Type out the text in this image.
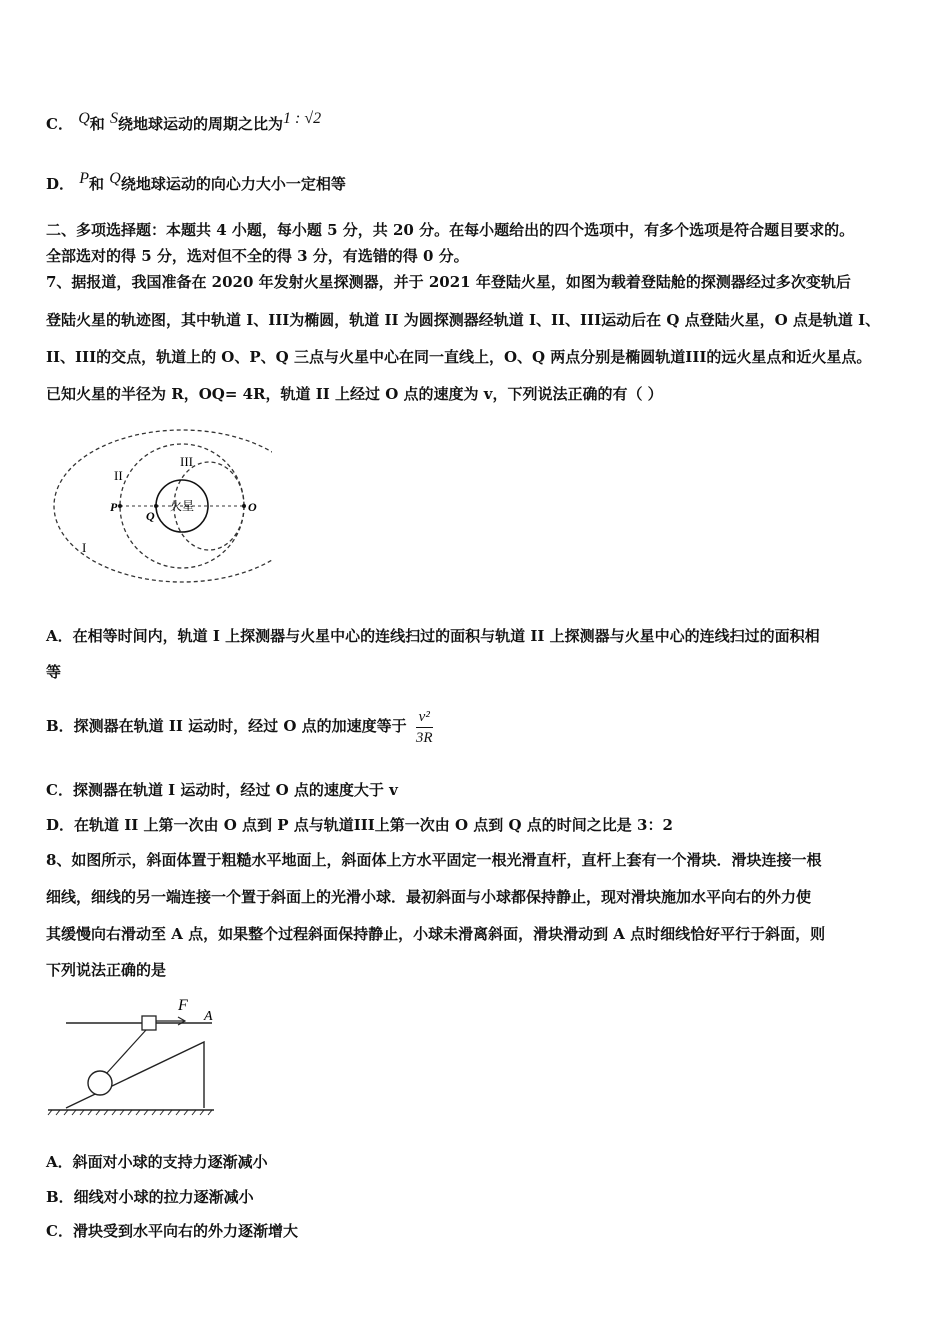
C． Q和 S绕地球运动的周期之比为1 : √2
D． P和 Q绕地球运动的向心力大小一定相等
二、多项选择题：本题共 4 小题，每小题 5 分，共 20 分。在每小题给出的四个选项中，有多个选项是符合题目要求的。
全部选对的得 5 分，选对但不全的得 3 分，有选错的得 0 分。
7、据报道，我国准备在 2020 年发射火星探测器，并于 2021 年登陆火星，如图为载着登陆舱的探测器经过多次变轨后
登陆火星的轨迹图，其中轨道 I、III为椭圆，轨道 II 为圆探测器经轨道 I、II、III运动后在 Q 点登陆火星，O 点是轨道 I、
II、III的交点，轨道上的 O、P、Q 三点与火星中心在同一直线上，O、Q 两点分别是椭圆轨道III的远火星点和近火星点。
已知火星的半径为 R，OQ= 4R，轨道 II 上经过 O 点的速度为 v，下列说法正确的有（ ）
火星
II
III
I
P
Q
O
A．在相等时间内，轨道 I 上探测器与火星中心的连线扫过的面积与轨道 II 上探测器与火星中心的连线扫过的面积相
等
B．探测器在轨道 II 运动时，经过 O 点的加速度等于 $\frac{\text{v²}}{3R}$
C．探测器在轨道 I 运动时，经过 O 点的速度大于 v
D．在轨道 II 上第一次由 O 点到 P 点与轨道III上第一次由 O 点到 Q 点的时间之比是 3：2
8、如图所示，斜面体置于粗糙水平地面上，斜面体上方水平固定一根光滑直杆，直杆上套有一个滑块．滑块连接一根
细线，细线的另一端连接一个置于斜面上的光滑小球．最初斜面与小球都保持静止，现对滑块施加水平向右的外力使
其缓慢向右滑动至 A 点，如果整个过程斜面保持静止，小球未滑离斜面，滑块滑动到 A 点时细线恰好平行于斜面，则
下列说法正确的是
F
A
A．斜面对小球的支持力逐渐减小
B．细线对小球的拉力逐渐减小
C．滑块受到水平向右的外力逐渐增大
